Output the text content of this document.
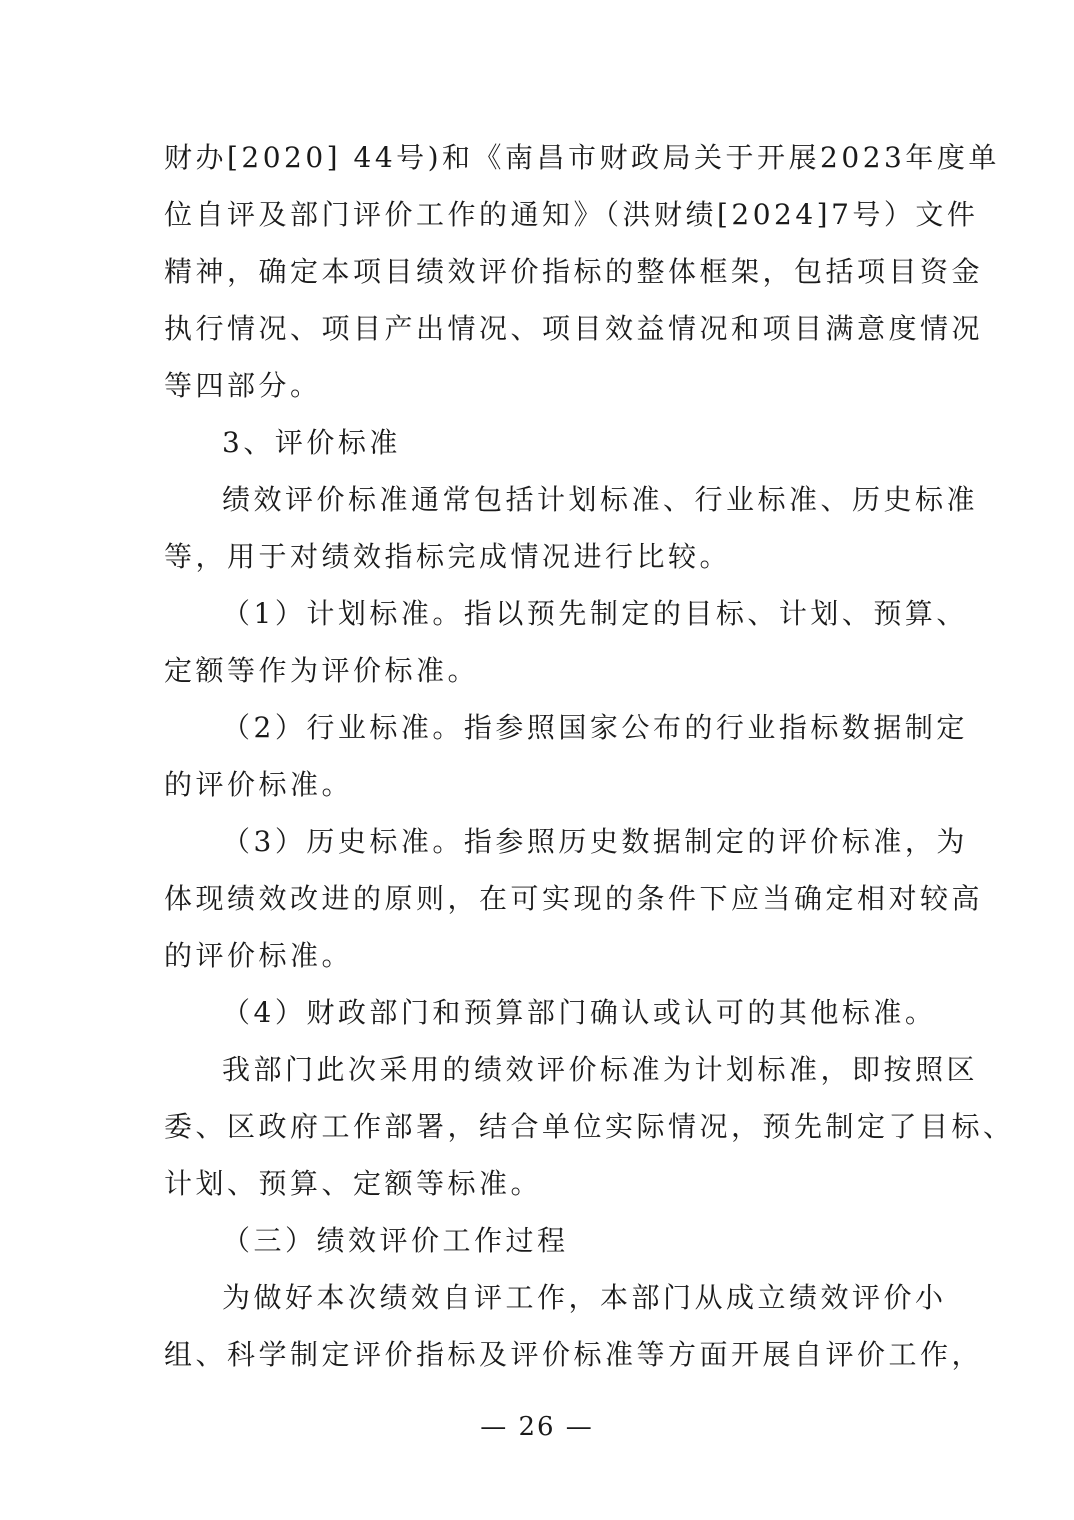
财办[2020] 44号)和《南昌市财政局关于开展2023年度单
位自评及部门评价工作的通知》（洪财绩[2024]7号）文件
精神，确定本项目绩效评价指标的整体框架，包括项目资金
执行情况、项目产出情况、项目效益情况和项目满意度情况
等四部分。
3、评价标准
绩效评价标准通常包括计划标准、行业标准、历史标准
等，用于对绩效指标完成情况进行比较。
（1）计划标准。指以预先制定的目标、计划、预算、
定额等作为评价标准。
（2）行业标准。指参照国家公布的行业指标数据制定
的评价标准。
（3）历史标准。指参照历史数据制定的评价标准，为
体现绩效改进的原则，在可实现的条件下应当确定相对较高
的评价标准。
（4）财政部门和预算部门确认或认可的其他标准。
我部门此次采用的绩效评价标准为计划标准，即按照区
委、区政府工作部署，结合单位实际情况，预先制定了目标、
计划、预算、定额等标准。
（三）绩效评价工作过程
为做好本次绩效自评工作，本部门从成立绩效评价小
组、科学制定评价指标及评价标准等方面开展自评价工作，
— 26 —
